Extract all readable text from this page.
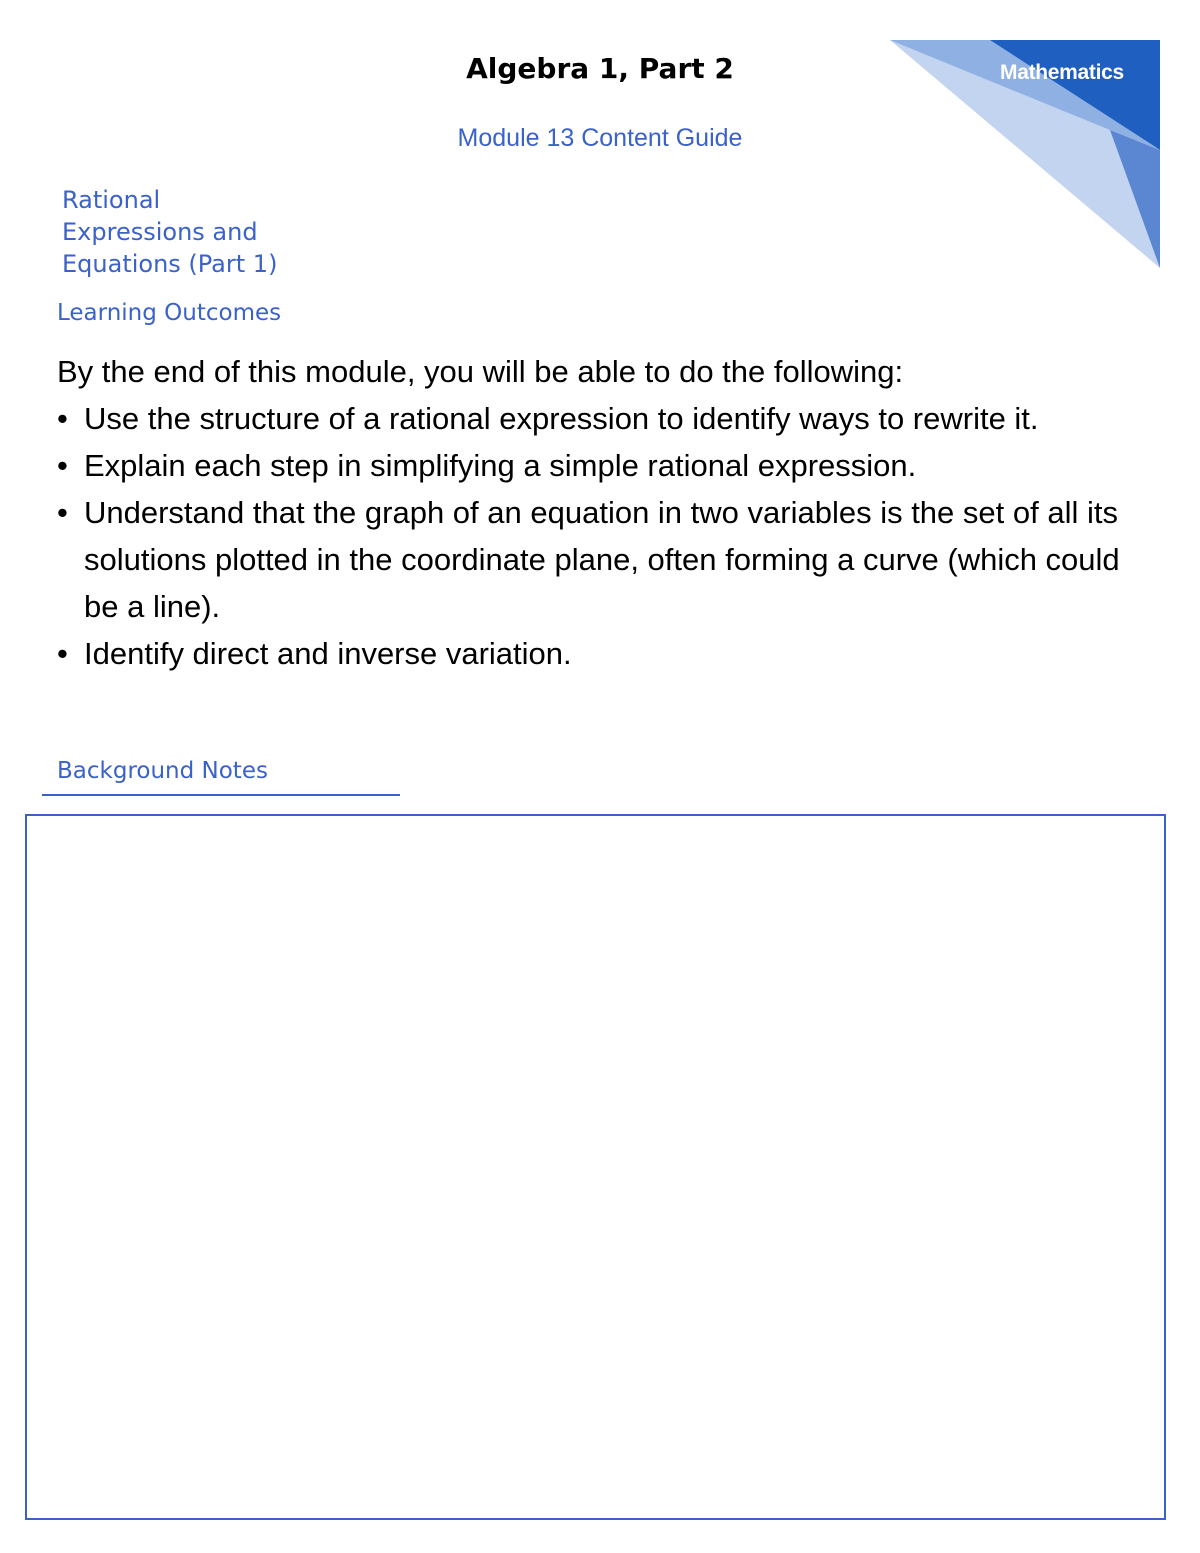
Mathematics
Algebra 1, Part 2
Module 13 Content Guide
Rational
Expressions and
Equations (Part 1)
Learning Outcomes

By the end of this module, you will be able to do the following:

• Use the structure of a rational expression to identify ways to rewrite it.
• Explain each step in simplifying a simple rational expression.
• Understand that the graph of an equation in two variables is the set of all its solutions plotted in the coordinate plane, often forming a curve (which could be a line).
• Identify direct and inverse variation.
Background Notes
